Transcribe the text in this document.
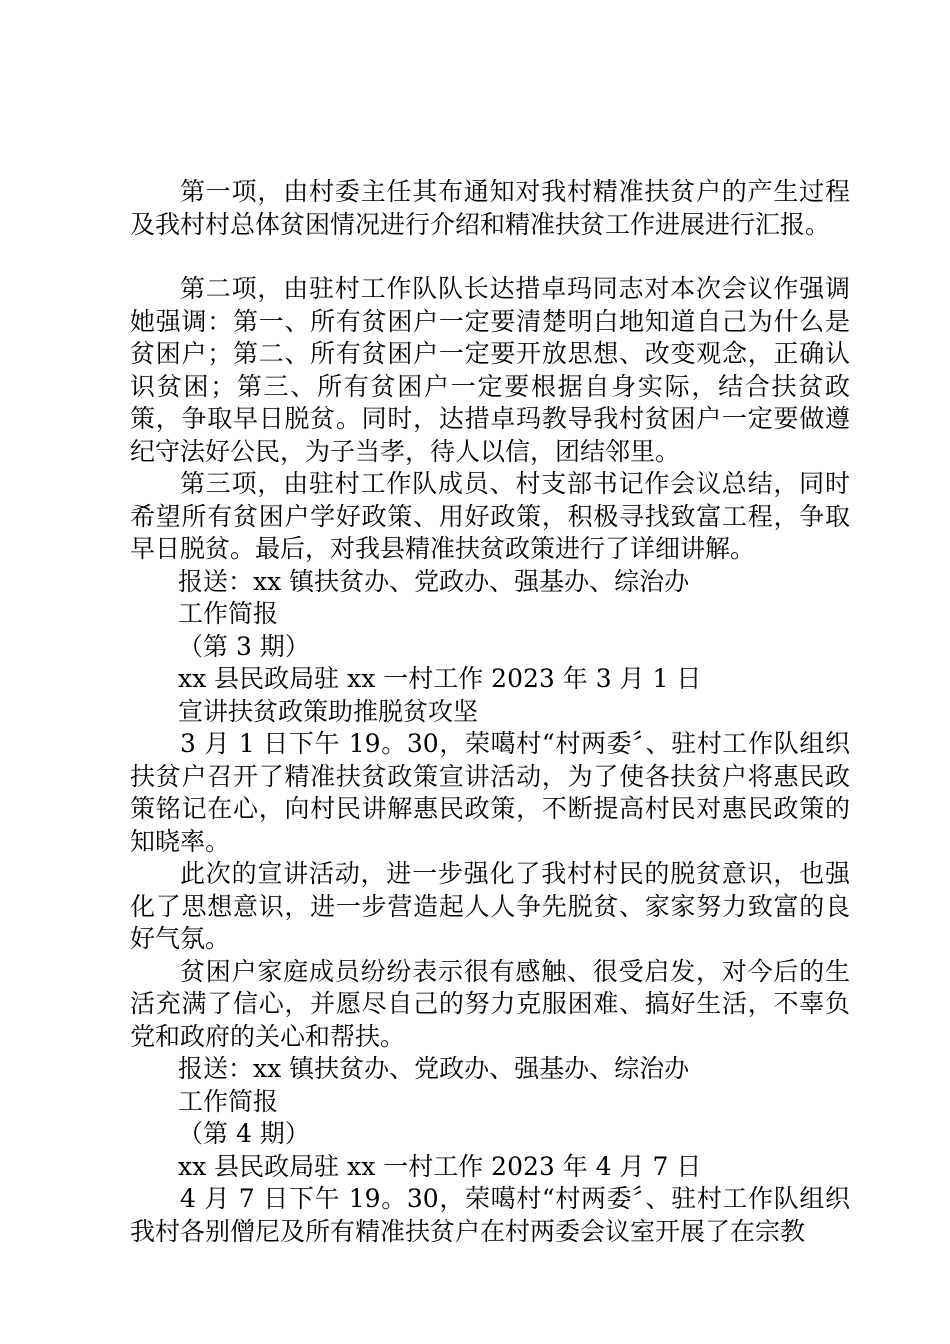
第一项，由村委主任其布通知对我村精准扶贫户的产生过程及我村村总体贫困情况进行介绍和精准扶贫工作进展进行汇报。

第二项，由驻村工作队队长达措卓玛同志对本次会议作强调她强调：第一、所有贫困户一定要清楚明白地知道自己为什么是贫困户；第二、所有贫困户一定要开放思想、改变观念，正确认识贫困；第三、所有贫困户一定要根据自身实际，结合扶贫政策，争取早日脱贫。同时，达措卓玛教导我村贫困户一定要做遵纪守法好公民，为子当孝，待人以信，团结邻里。

第三项，由驻村工作队成员、村支部书记作会议总结，同时希望所有贫困户学好政策、用好政策，积极寻找致富工程，争取早日脱贫。最后，对我县精准扶贫政策进行了详细讲解。

报送：xx 镇扶贫办、党政办、强基办、综治办

工作简报

（第 3 期）

xx 县民政局驻 xx 一村工作 2023 年 3 月 1 日

宣讲扶贫政策助推脱贫攻坚

3 月 1 日下午 19。30，荣噶村“村两委〞、驻村工作队组织扶贫户召开了精准扶贫政策宣讲活动，为了使各扶贫户将惠民政策铭记在心，向村民讲解惠民政策，不断提高村民对惠民政策的知晓率。

此次的宣讲活动，进一步强化了我村村民的脱贫意识，也强化了思想意识，进一步营造起人人争先脱贫、家家努力致富的良好气氛。

贫困户家庭成员纷纷表示很有感触、很受启发，对今后的生活充满了信心，并愿尽自己的努力克服困难、搞好生活，不辜负党和政府的关心和帮扶。

报送：xx 镇扶贫办、党政办、强基办、综治办

工作简报

（第 4 期）

xx 县民政局驻 xx 一村工作 2023 年 4 月 7 日

4 月 7 日下午 19。30，荣噶村“村两委〞、驻村工作队组织我村各别僧尼及所有精准扶贫户在村两委会议室开展了在宗教
